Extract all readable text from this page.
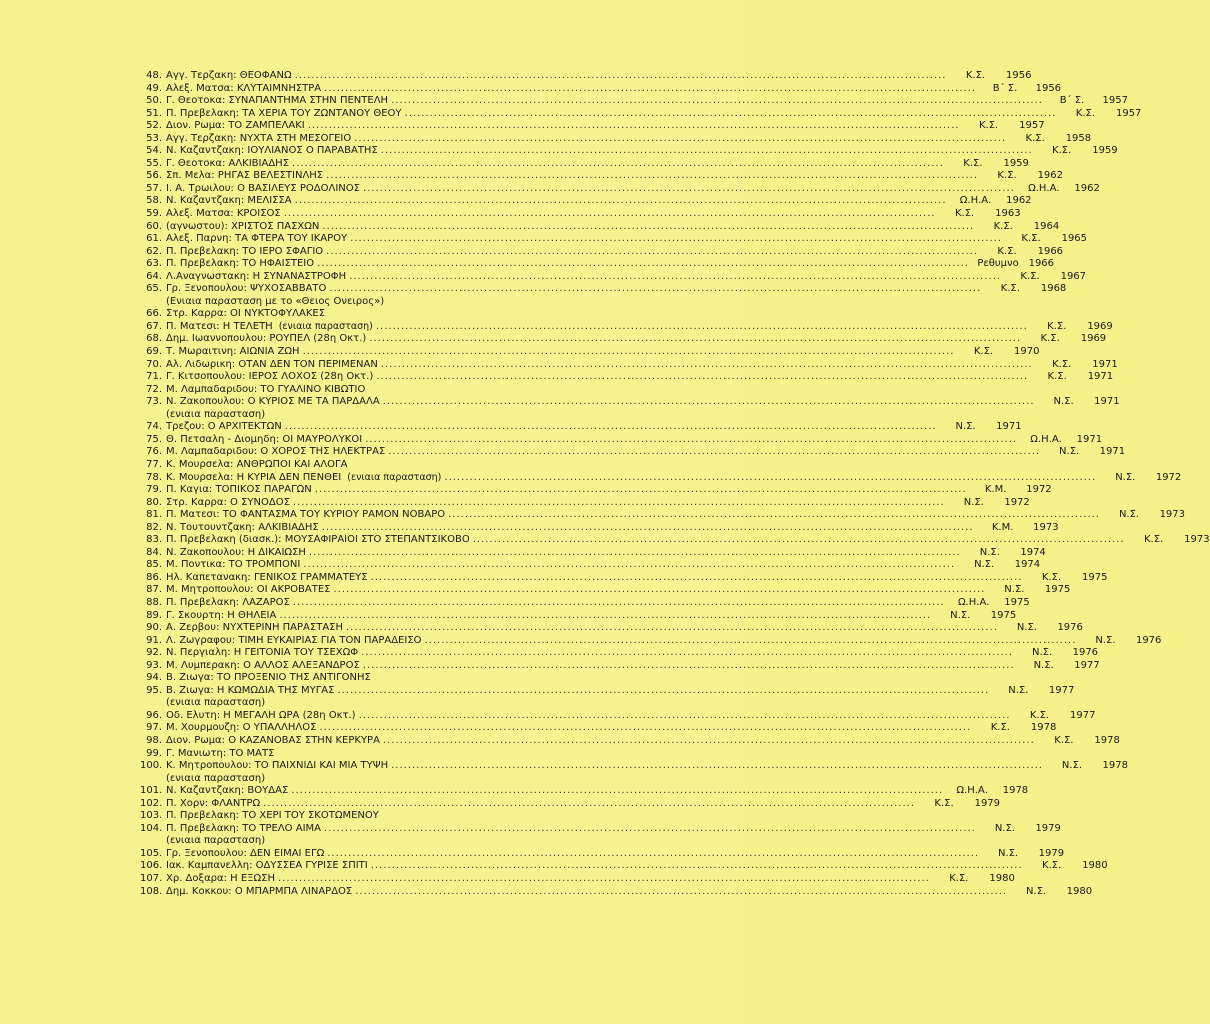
48. Αγγ. Τερζακη: ΘΕΟΦΑΝΩ .....	Κ.Σ.	1956
49. Αλεξ. Ματσα: ΚΛΥΤΑΙΜΝΗΣΤΡΑ .....	Β΄ Σ.	1956
50. Γ. Θεοτοκα: ΣΥΝΑΠΑΝΤΗΜΑ ΣΤΗΝ ΠΕΝΤΕΛΗ .....	Β΄ Σ.	1957
51. Π. Πρεβελακη: ΤΑ ΧΕΡΙΑ ΤΟΥ ΖΩΝΤΑΝΟΥ ΘΕΟΥ .....	Κ.Σ.	1957
52. Διον. Ρωμα: ΤΟ ΖΑΜΠΕΛΑΚΙ .....	Κ.Σ.	1957
53. Αγγ. Τερζακη: ΝΥΧΤΑ ΣΤΗ ΜΕΣΟΓΕΙΟ .....	Κ.Σ.	1958
54. Ν. Καζαντζακη: ΙΟΥΛΙΑΝΟΣ Ο ΠΑΡΑΒΑΤΗΣ .....	Κ.Σ.	1959
55. Γ. Θεοτοκα: ΑΛΚΙΒΙΑΔΗΣ .....	Κ.Σ.	1959
56. Σπ. Μελα: ΡΗΓΑΣ ΒΕΛΕΣΤΙΝΛΗΣ .....	Κ.Σ.	1962
57. Ι. Α. Τρωιλου: Ο ΒΑΣΙΛΕΥΣ ΡΟΔΟΛΙΝΟΣ .....	Ω.Η.Α.	1962
58. Ν. Καζαντζακη: ΜΕΛΙΣΣΑ .....	Ω.Η.Α.	1962
59. Αλεξ. Ματσα: ΚΡΟΙΣΟΣ .....	Κ.Σ.	1963
60. (αγνωστου): ΧΡΙΣΤΟΣ ΠΑΣΧΩΝ .....	Κ.Σ.	1964
61. Αλεξ. Παρνη: ΤΑ ΦΤΕΡΑ ΤΟΥ ΙΚΑΡΟΥ .....	Κ.Σ.	1965
62. Π. Πρεβελακη: ΤΟ ΙΕΡΟ ΣΦΑΓΙΟ .....	Κ.Σ.	1966
63. Π. Πρεβελακη: ΤΟ ΗΦΑΙΣΤΕΙΟ .....	Ρεθυμνο 1966
64. Λ.Αναγνωστακη: Η ΣΥΝΑΝΑΣΤΡΟΦΗ .....	Κ.Σ.	1967
65. Γρ. Ξενοπουλου: ΨΥΧΟΣΑΒΒΑΤΟ .....	Κ.Σ.	1968
(Ενιαια παρασταση με το «Θειος Ονειρος»)
66. Στρ. Καρρα: ΟΙ ΝΥΚΤΟΦΥΛΑΚΕΣ
67. Π. Ματεσι: Η ΤΕΛΕΤΗ (ενιαια παρασταση) .....	Κ.Σ.	1969
68. Δημ. Ιωαννοπουλου: ΡΟΥΠΕΛ (28η Οκτ.) .....	Κ.Σ.	1969
69. Τ. Μωραιτινη: ΑΙΩΝΙΑ ΖΩΗ .....	Κ.Σ.	1970
70. Αλ. Λιδωρικη: ΟΤΑΝ ΔΕΝ ΤΟΝ ΠΕΡΙΜΕΝΑΝ .....	Κ.Σ.	1971
71. Γ. Κιτσοπουλου: ΙΕΡΟΣ ΛΟΧΟΣ (28η Οκτ.) .....	Κ.Σ.	1971
72. Μ. Λαμπαδαριδου: ΤΟ ΓΥΑΛΙΝΟ ΚΙΒΩΤΙΟ
73. Ν. Ζακοπουλου: Ο ΚΥΡΙΟΣ ΜΕ ΤΑ ΠΑΡΔΑΛΑ .....	Ν.Σ.	1971
(ενιαια παρασταση)
74. Τρεζου: Ο ΑΡΧΙΤΕΚΤΩΝ .....	Ν.Σ.	1971
75. Θ. Πετσαλη - Διομηδη: ΟΙ ΜΑΥΡΟΛΥΚΟΙ .....	Ω.Η.Α.	1971
76. Μ. Λαμπαδαριδου: Ο ΧΟΡΟΣ ΤΗΣ ΗΛΕΚΤΡΑΣ .....	Ν.Σ.	1971
77. Κ. Μουρσελα: ΑΝΘΡΩΠΟΙ ΚΑΙ ΑΛΟΓΑ
78. Κ. Μουρσελα: Η ΚΥΡΙΑ ΔΕΝ ΠΕΝΘΕΙ (ενιαια παρασταση) .....	Ν.Σ.	1972
79. Π. Καγια: ΤΟΠΙΚΟΣ ΠΑΡΑΓΩΝ .....	Κ.Μ.	1972
80. Στρ. Καρρα: Ο ΣΥΝΟΔΟΣ .....	Ν.Σ.	1972
81. Π. Ματεσι: ΤΟ ΦΑΝΤΑΣΜΑ ΤΟΥ ΚΥΡΙΟΥ ΡΑΜΟΝ ΝΟΒΑΡΟ .....	Ν.Σ.	1973
82. Ν. Τουτουντζακη: ΑΛΚΙΒΙΑΔΗΣ .....	Κ.Μ.	1973
83. Π. Πρεβελακη (διασκ.): ΜΟΥΣΑΦΙΡΑΙΟΙ ΣΤΟ ΣΤΕΠΑΝΤΣΙΚΟΒΟ .....	Κ.Σ.	1973
84. Ν. Ζακοπουλου: Η ΔΙΚΑΙΩΣΗ .....	Ν.Σ.	1974
85. Μ. Ποντικα: ΤΟ ΤΡΟΜΠΟΝΙ .....	Ν.Σ.	1974
86. Ηλ. Καπετανακη: ΓΕΝΙΚΟΣ ΓΡΑΜΜΑΤΕΥΣ .....	Κ.Σ.	1975
87. Μ. Μητροπουλου: ΟΙ ΑΚΡΟΒΑΤΕΣ .....	Ν.Σ.	1975
88. Π. Πρεβελακη: ΛΑΖΑΡΟΣ .....	Ω.Η.Α.	1975
89. Γ. Σκουρτη: Η ΘΗΛΕΙΑ .....	Ν.Σ.	1975
90. Α. Ζερβου: ΝΥΧΤΕΡΙΝΗ ΠΑΡΑΣΤΑΣΗ .....	Ν.Σ.	1976
91. Λ. Ζωγραφου: ΤΙΜΗ ΕΥΚΑΙΡΙΑΣ ΓΙΑ ΤΟΝ ΠΑΡΑΔΕΙΣΟ .....	Ν.Σ.	1976
92. Ν. Περγιαλη: Η ΓΕΙΤΟΝΙΑ ΤΟΥ ΤΣΕΧΩΦ .....	Ν.Σ.	1976
93. Μ. Λυμπερακη: Ο ΑΛΛΟΣ ΑΛΕΞΑΝΔΡΟΣ .....	Ν.Σ.	1977
94. Β. Ζιωγα: ΤΟ ΠΡΟΞΕΝΙΟ ΤΗΣ ΑΝΤΙΓΟΝΗΣ
95. Β. Ζιωγα: Η ΚΩΜΩΔΙΑ ΤΗΣ ΜΥΓΑΣ .....	Ν.Σ.	1977
(ενιαια παρασταση)
96. Οδ. Ελυτη: Η ΜΕΓΑΛΗ ΩΡΑ (28η Οκτ.) .....	Κ.Σ.	1977
97. Μ. Χουρμουζη: Ο ΥΠΑΛΛΗΛΟΣ .....	Κ.Σ.	1978
98. Διον. Ρωμα: Ο ΚΑΖΑΝΟΒΑΣ ΣΤΗΝ ΚΕΡΚΥΡΑ .....	Κ.Σ.	1978
99. Γ. Μανιωτη: ΤΟ ΜΑΤΣ
100. Κ. Μητροπουλου: ΤΟ ΠΑΙΧΝΙΔΙ ΚΑΙ ΜΙΑ ΤΥΨΗ .....	Ν.Σ.	1978
(ενιαια παρασταση)
101. Ν. Καζαντζακη: ΒΟΥΔΑΣ .....	Ω.Η.Α.	1978
102. Π. Χορν: ΦΛΑΝΤΡΩ .....	Κ.Σ.	1979
103. Π. Πρεβελακη: ΤΟ ΧΕΡΙ ΤΟΥ ΣΚΟΤΩΜΕΝΟΥ
104. Π. Πρεβελακη: ΤΟ ΤΡΕΛΟ ΑΙΜΑ .....	Ν.Σ.	1979
(ενιαια παρασταση)
105. Γρ. Ξενοπουλου: ΔΕΝ ΕΙΜΑΙ ΕΓΩ .....	Ν.Σ.	1979
106. Ιακ. Καμπανελλη: ΟΔΥΣΣΕΑ ΓΥΡΙΣΕ ΣΠΙΤΙ .....	Κ.Σ.	1980
107. Χρ. Δοξαρα: Η ΕΞΩΣΗ .....	Κ.Σ.	1980
108. Δημ. Κοκκου: Ο ΜΠΑΡΜΠΑ ΛΙΝΑΡΔΟΣ .....	Ν.Σ.	1980
